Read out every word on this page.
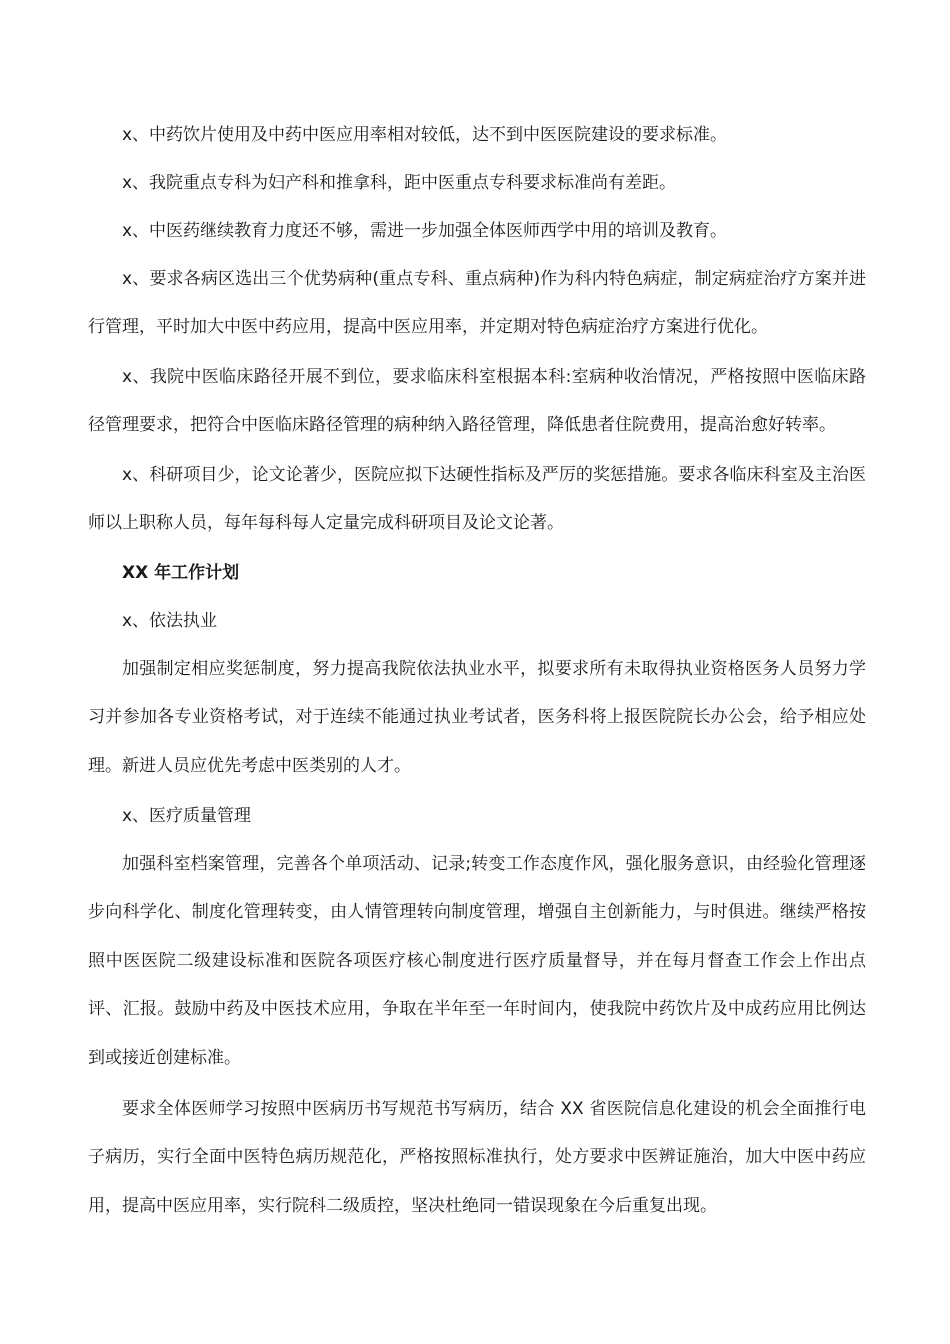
x、中药饮片使用及中药中医应用率相对较低，达不到中医医院建设的要求标准。

x、我院重点专科为妇产科和推拿科，距中医重点专科要求标准尚有差距。

x、中医药继续教育力度还不够，需进一步加强全体医师西学中用的培训及教育。

x、要求各病区选出三个优势病种(重点专科、重点病种)作为科内特色病症，制定病症治疗方案并进行管理，平时加大中医中药应用，提高中医应用率，并定期对特色病症治疗方案进行优化。

x、我院中医临床路径开展不到位，要求临床科室根据本科:室病种收治情况，严格按照中医临床路径管理要求，把符合中医临床路径管理的病种纳入路径管理，降低患者住院费用，提高治愈好转率。

x、科研项目少，论文论著少，医院应拟下达硬性指标及严厉的奖惩措施。要求各临床科室及主治医师以上职称人员，每年每科每人定量完成科研项目及论文论著。

XX 年工作计划

x、依法执业

加强制定相应奖惩制度，努力提高我院依法执业水平，拟要求所有未取得执业资格医务人员努力学习并参加各专业资格考试，对于连续不能通过执业考试者，医务科将上报医院院长办公会，给予相应处理。新进人员应优先考虑中医类别的人才。

x、医疗质量管理

加强科室档案管理，完善各个单项活动、记录;转变工作态度作风，强化服务意识，由经验化管理逐步向科学化、制度化管理转变，由人情管理转向制度管理，增强自主创新能力，与时俱进。继续严格按照中医医院二级建设标准和医院各项医疗核心制度进行医疗质量督导，并在每月督查工作会上作出点评、汇报。鼓励中药及中医技术应用，争取在半年至一年时间内，使我院中药饮片及中成药应用比例达到或接近创建标准。

要求全体医师学习按照中医病历书写规范书写病历，结合 XX 省医院信息化建设的机会全面推行电子病历，实行全面中医特色病历规范化，严格按照标准执行，处方要求中医辨证施治，加大中医中药应用，提高中医应用率，实行院科二级质控，坚决杜绝同一错误现象在今后重复出现。
